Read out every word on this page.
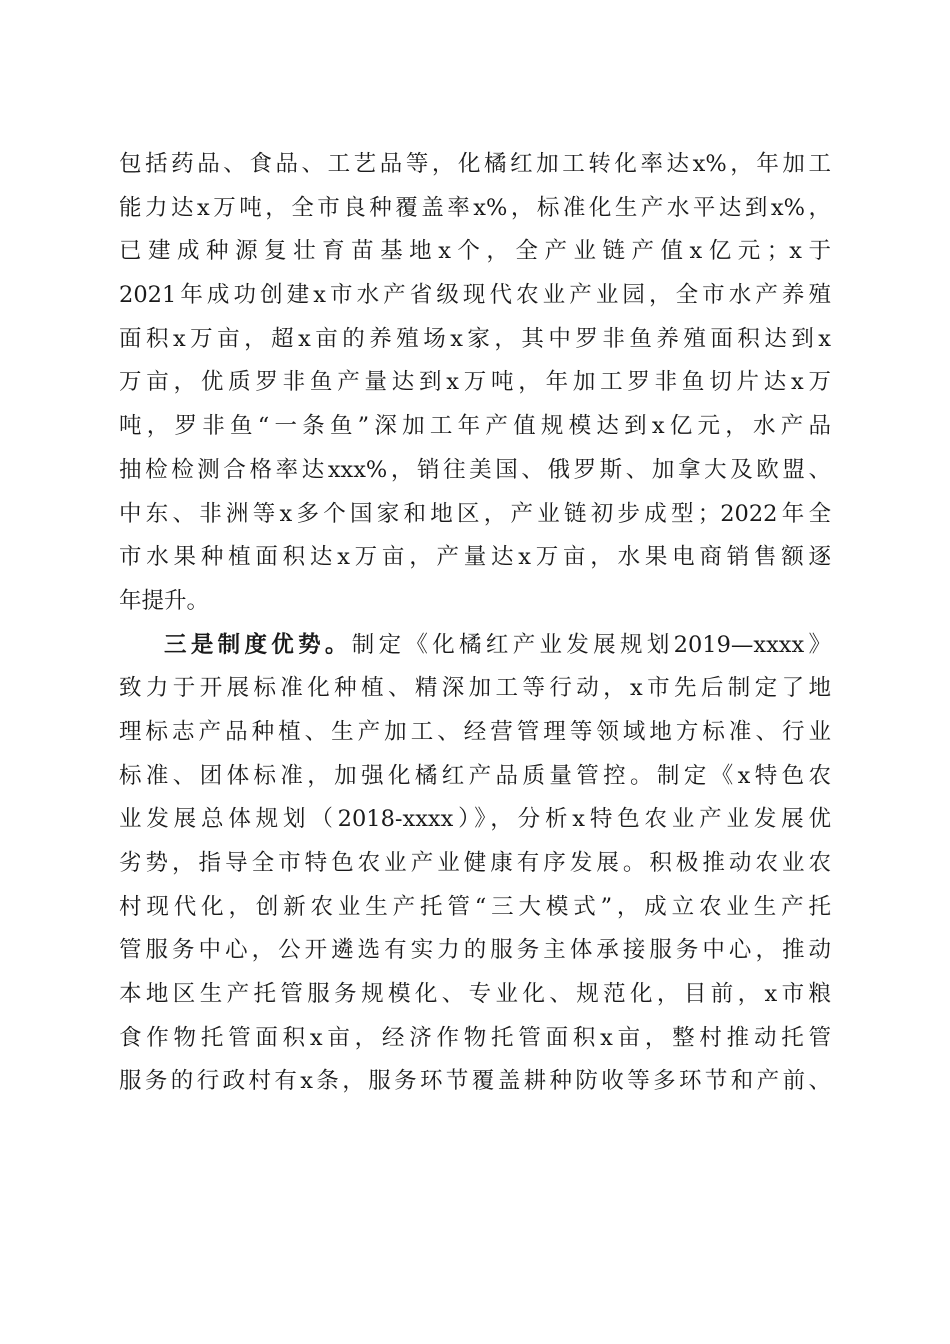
包括药品、食品、工艺品等，化橘红加工转化率达x%，年加工
能力达x万吨，全市良种覆盖率x%，标准化生产水平达到x%，
已建成种源复壮育苗基地x个，全产业链产值x亿元；x于
2021年成功创建x市水产省级现代农业产业园，全市水产养殖
面积x万亩，超x亩的养殖场x家，其中罗非鱼养殖面积达到x
万亩，优质罗非鱼产量达到x万吨，年加工罗非鱼切片达x万
吨，罗非鱼“一条鱼”深加工年产值规模达到x亿元，水产品
抽检检测合格率达xxx%，销往美国、俄罗斯、加拿大及欧盟、
中东、非洲等x多个国家和地区，产业链初步成型；2022年全
市水果种植面积达x万亩，产量达x万亩，水果电商销售额逐
年提升。
三是制度优势。制定《化橘红产业发展规划2019—xxxx》
致力于开展标准化种植、精深加工等行动，x市先后制定了地
理标志产品种植、生产加工、经营管理等领域地方标准、行业
标准、团体标准，加强化橘红产品质量管控。制定《x特色农
业发展总体规划（2018-xxxx）》，分析x特色农业产业发展优
劣势，指导全市特色农业产业健康有序发展。积极推动农业农
村现代化，创新农业生产托管“三大模式”，成立农业生产托
管服务中心，公开遴选有实力的服务主体承接服务中心，推动
本地区生产托管服务规模化、专业化、规范化，目前，x市粮
食作物托管面积x亩，经济作物托管面积x亩，整村推动托管
服务的行政村有x条，服务环节覆盖耕种防收等多环节和产前、
